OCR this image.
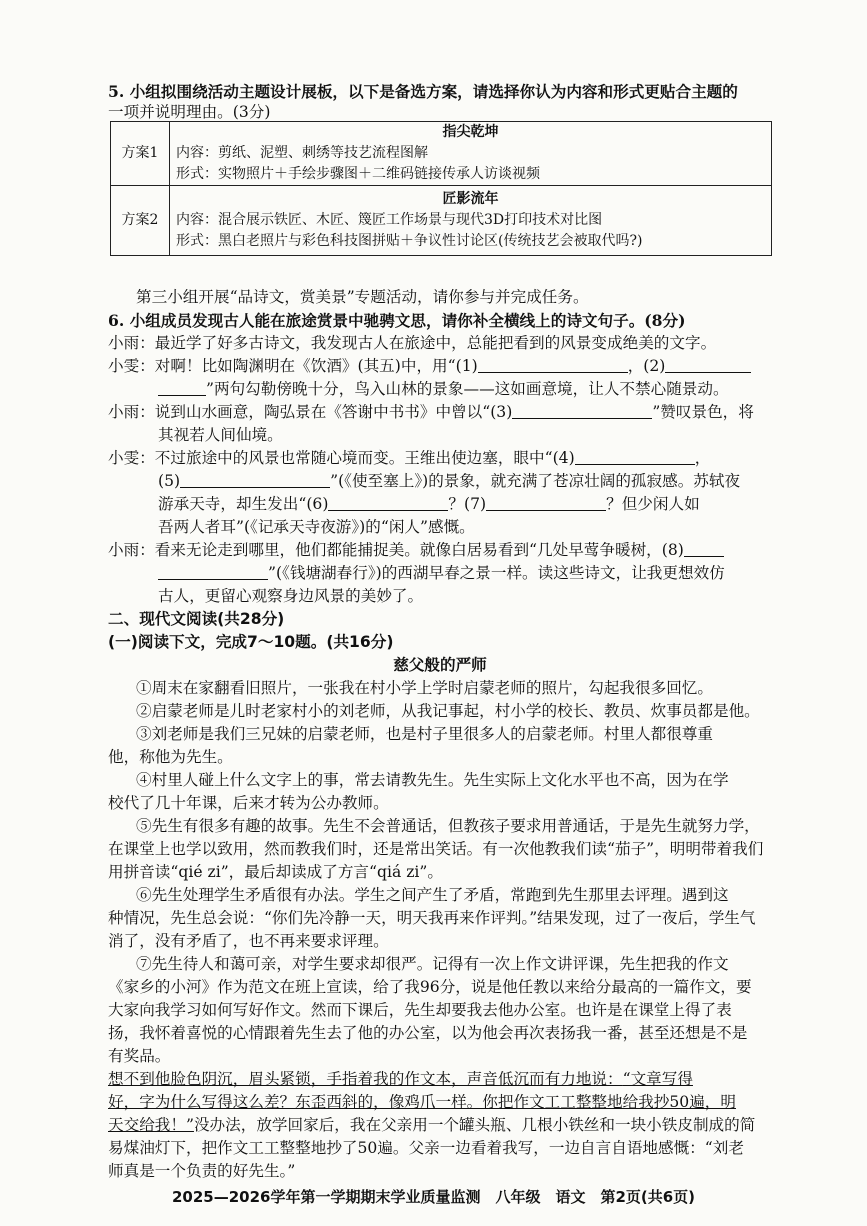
5. 小组拟围绕活动主题设计展板，以下是备选方案，请选择你认为内容和形式更贴合主题的
一项并说明理由。(3分)
方案1	指尖乾坤
内容：剪纸、泥塑、刺绣等技艺流程图解
形式：实物照片＋手绘步骤图＋二维码链接传承人访谈视频

方案2	匠影流年
内容：混合展示铁匠、木匠、篾匠工作场景与现代3D打印技术对比图
形式：黑白老照片与彩色科技图拼贴＋争议性讨论区(传统技艺会被取代吗?)
第三小组开展“品诗文，赏美景”专题活动，请你参与并完成任务。
6. 小组成员发现古人能在旅途赏景中驰骋文思，请你补全横线上的诗文句子。(8分)
小雨：最近学了好多古诗文，我发现古人在旅途中，总能把看到的风景变成绝美的文字。
小雯：对啊！比如陶渊明在《饮酒》(其五)中，用“(1)	，(2)
”两句勾勒傍晚十分，鸟入山林的景象——这如画意境，让人不禁心随景动。
小雨：说到山水画意，陶弘景在《答谢中书书》中曾以“(3)	”赞叹景色，将
其视若人间仙境。
小雯：不过旅途中的风景也常随心境而变。王维出使边塞，眼中“(4)	，
(5)	”(《使至塞上》)的景象，就充满了苍凉壮阔的孤寂感。苏轼夜
游承天寺，却生发出“(6)	？(7)	？但少闲人如
吾两人者耳”(《记承天寺夜游》)的“闲人”感慨。
小雨：看来无论走到哪里，他们都能捕捉美。就像白居易看到“几处早莺争暖树，(8)
”(《钱塘湖春行》)的西湖早春之景一样。读这些诗文，让我更想效仿
古人，更留心观察身边风景的美妙了。
二、现代文阅读(共28分)
(一)阅读下文，完成7～10题。(共16分)
慈父般的严师
①周末在家翻看旧照片，一张我在村小学上学时启蒙老师的照片，勾起我很多回忆。
②启蒙老师是儿时老家村小的刘老师，从我记事起，村小学的校长、教员、炊事员都是他。
③刘老师是我们三兄妹的启蒙老师，也是村子里很多人的启蒙老师。村里人都很尊重
他，称他为先生。
④村里人碰上什么文字上的事，常去请教先生。先生实际上文化水平也不高，因为在学
校代了几十年课，后来才转为公办教师。
⑤先生有很多有趣的故事。先生不会普通话，但教孩子要求用普通话，于是先生就努力学，
在课堂上也学以致用，然而教我们时，还是常出笑话。有一次他教我们读“茄子”，明明带着我们
用拼音读“qié zi”，最后却读成了方言“qiá zi”。
⑥先生处理学生矛盾很有办法。学生之间产生了矛盾，常跑到先生那里去评理。遇到这
种情况，先生总会说：“你们先冷静一天，明天我再来作评判。”结果发现，过了一夜后，学生气
消了，没有矛盾了，也不再来要求评理。
⑦先生待人和蔼可亲，对学生要求却很严。记得有一次上作文讲评课，先生把我的作文
《家乡的小河》作为范文在班上宣读，给了我96分，说是他任教以来给分最高的一篇作文，要
大家向我学习如何写好作文。然而下课后，先生却要我去他办公室。也许是在课堂上得了表
扬，我怀着喜悦的心情跟着先生去了他的办公室，以为他会再次表扬我一番，甚至还想是不是
有奖品。
想不到他脸色阴沉，眉头紧锁，手指着我的作文本，声音低沉而有力地说：“文章写得
好，字为什么写得这么差？东歪西斜的，像鸡爪一样。你把作文工工整整地给我抄50遍，明
天交给我！”没办法，放学回家后，我在父亲用一个罐头瓶、几根小铁丝和一块小铁皮制成的简
易煤油灯下，把作文工工整整地抄了50遍。父亲一边看着我写，一边自言自语地感慨：“刘老
师真是一个负责的好先生。”
2025—2026学年第一学期期末学业质量监测　八年级　语文　第2页(共6页)
